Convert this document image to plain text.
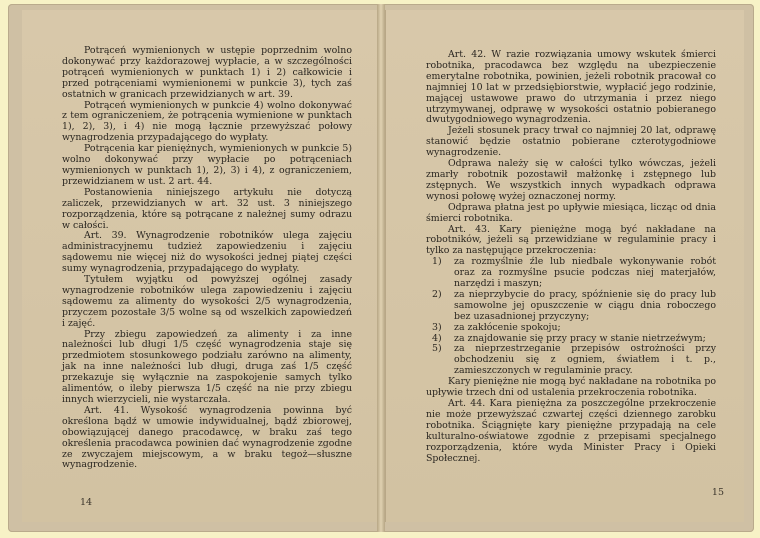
Potrąceń wymienionych w ustępie poprzednim wolno dokonywać przy każdorazowej wypłacie, a w szczególności potrąceń wymienionych w punktach 1) i 2) całkowicie i przed potrąceniami wymienionemi w punkcie 3), tych zaś ostatnich w granicach przewidzianych w art. 39.

Potrąceń wymienionych w punkcie 4) wolno dokonywać z tem ograniczeniem, że potrącenia wymienione w punktach 1), 2), 3), i 4) nie mogą łącznie przewyższać połowy wynagrodzenia przypadającego do wypłaty.

Potrącenia kar pieniężnych, wymienionych w punkcie 5) wolno dokonywać przy wypłacie po potrąceniach wymienionych w punktach 1), 2), 3) i 4), z ograniczeniem, przewidzianem w ust. 2 art. 44.

Postanowienia niniejszego artykułu nie dotyczą zaliczek, przewidzianych w art. 32 ust. 3 niniejszego rozporządzenia, które są potrącane z należnej sumy odrazu w całości.

Art. 39. Wynagrodzenie robotników ulega zajęciu administracyjnemu tudzież zapowiedzeniu i zajęciu sądowemu nie więcej niż do wysokości jednej piątej części sumy wynagrodzenia, przypadającego do wypłaty.

Tytułem wyjątku od powyższej ogólnej zasady wynagrodzenie robotników ulega zapowiedzeniu i zajęciu sądowemu za alimenty do wysokości 2/5 wynagrodzenia, przyczem pozostałe 3/5 wolne są od wszelkich zapowiedzeń i zajęć.

Przy zbiegu zapowiedzeń za alimenty i za inne należności lub długi 1/5 część wynagrodzenia staje się przedmiotem stosunkowego podziału zarówno na alimenty, jak na inne należności lub długi, druga zaś 1/5 część przekazuje się wyłącznie na zaspokojenie samych tylko alimentów, o ileby pierwsza 1/5 część na nie przy zbiegu innych wierzycieli, nie wystarczała.

Art. 41. Wysokość wynagrodzenia powinna być określona bądź w umowie indywidualnej, bądź zbiorowej, obowiązującej danego pracodawcę, w braku zaś tego określenia pracodawca powinien dać wynagrodzenie zgodne ze zwyczajem miejscowym, a w braku tegoż—słuszne wynagrodzenie.

14

Art. 42. W razie rozwiązania umowy wskutek śmierci robotnika, pracodawca bez względu na ubezpieczenie emerytalne robotnika, powinien, jeżeli robotnik pracował co najmniej 10 lat w przedsiębiorstwie, wypłacić jego rodzinie, mającej ustawowe prawo do utrzymania i przez niego utrzymywanej, odprawę w wysokości ostatnio pobieranego dwutygodniowego wynagrodzenia.

Jeżeli stosunek pracy trwał co najmniej 20 lat, odprawę stanowić będzie ostatnio pobierane czterotygodniowe wynagrodzenie.

Odprawa należy się w całości tylko wówczas, jeżeli zmarły robotnik pozostawił małżonkę i zstępnego lub zstępnych. We wszystkich innych wypadkach odprawa wynosi połowę wyżej oznaczonej normy.

Odprawa płatna jest po upływie miesiąca, licząc od dnia śmierci robotnika.

Art. 43. Kary pieniężne mogą być nakładane na robotników, jeżeli są przewidziane w regulaminie pracy i tylko za następujące przekroczenia:

1)	za rozmyślnie źle lub niedbale wykonywanie robót oraz za rozmyślne psucie podczas niej materjałów, narzędzi i maszyn;
2)	za nieprzybycie do pracy, spóźnienie się do pracy lub samowolne jej opuszczenie w ciągu dnia roboczego bez uzasadnionej przyczyny;
3)	za zakłócenie spokoju;
4)	za znajdowanie się przy pracy w stanie nietrzeźwym;
5)	za nieprzestrzeganie przepisów ostrożności przy obchodzeniu się z ogniem, światłem i t. p., zamieszczonych w regulaminie pracy.

Kary pieniężne nie mogą być nakładane na robotnika po upływie trzech dni od ustalenia przekroczenia robotnika.

Art. 44. Kara pieniężna za poszczególne przekroczenie nie może przewyższać czwartej części dziennego zarobku robotnika. Ściągnięte kary pieniężne przypadają na cele kulturalno-oświatowe zgodnie z przepisami specjalnego rozporządzenia, które wyda Minister Pracy i Opieki Społecznej.

15
